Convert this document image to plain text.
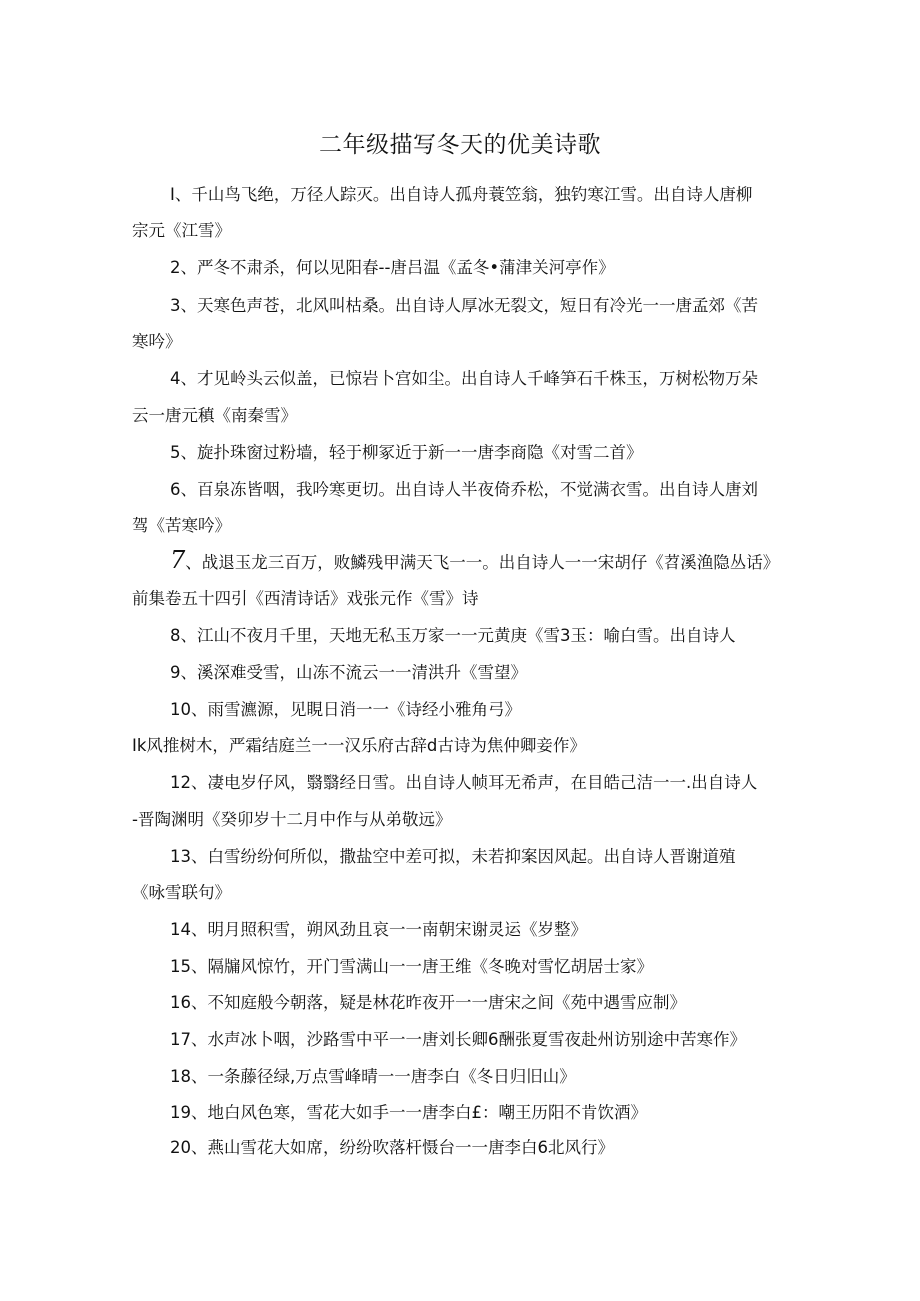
二年级描写冬天的优美诗歌
I、千山鸟飞绝，万径人踪灭。出自诗人孤舟蓑笠翁，独钓寒江雪。出自诗人唐柳
宗元《江雪》
2、严冬不肃杀，何以见阳春--唐吕温《孟冬•蒲津关河亭作》
3、天寒色声苍，北风叫枯桑。出自诗人厚冰无裂文，短日有冷光一一唐孟郊《苦
寒吟》
4、才见岭头云似盖，已惊岩卜宫如尘。出自诗人千峰笋石千株玉，万树松物万朵
云一唐元稹《南秦雪》
5、旋扑珠窗过粉墙，轻于柳冢近于新一一唐李商隐《对雪二首》
6、百泉冻皆咽，我吟寒更切。出自诗人半夜倚乔松，不觉满衣雪。出自诗人唐刘
驾《苦寒吟》
7、战退玉龙三百万，败鱗残甲满天飞一一。出自诗人一一宋胡仔《苕溪渔隐丛话》
前集卷五十四引《西清诗话》戏张元作《雪》诗
8、江山不夜月千里，天地无私玉万家一一元黄庚《雪3玉：喻白雪。出自诗人
9、溪深难受雪，山冻不流云一一清洪升《雪望》
10、雨雪瀌源，见睍日消一一《诗经小雅角弓》
Ik风推树木，严霜结庭兰一一汉乐府古辞d古诗为焦仲卿妾作》
12、凄电岁仔风，翳翳经日雪。出自诗人帧耳无希声，在目皓己洁一一.出自诗人
-晋陶渊明《癸卯岁十二月中作与从弟敬远》
13、白雪纷纷何所似，撒盐空中差可拟，未若抑案因风起。出自诗人晋谢道殖
《咏雪联句》
14、明月照积雪，朔风劲且哀一一南朝宋谢灵运《岁整》
15、隔牖风惊竹，开门雪满山一一唐王维《冬晚对雪忆胡居士家》
16、不知庭般今朝落，疑是林花昨夜开一一唐宋之间《苑中遇雪应制》
17、水声冰卜咽，沙路雪中平一一唐刘长卿6酬张夏雪夜赴州访别途中苦寒作》
18、一条藤径绿,万点雪峰晴一一唐李白《冬日归旧山》
19、地白风色寒，雪花大如手一一唐李白£：嘲王历阳不肯饮酒》
20、燕山雪花大如席，纷纷吹落杆慑台一一唐李白6北风行》
